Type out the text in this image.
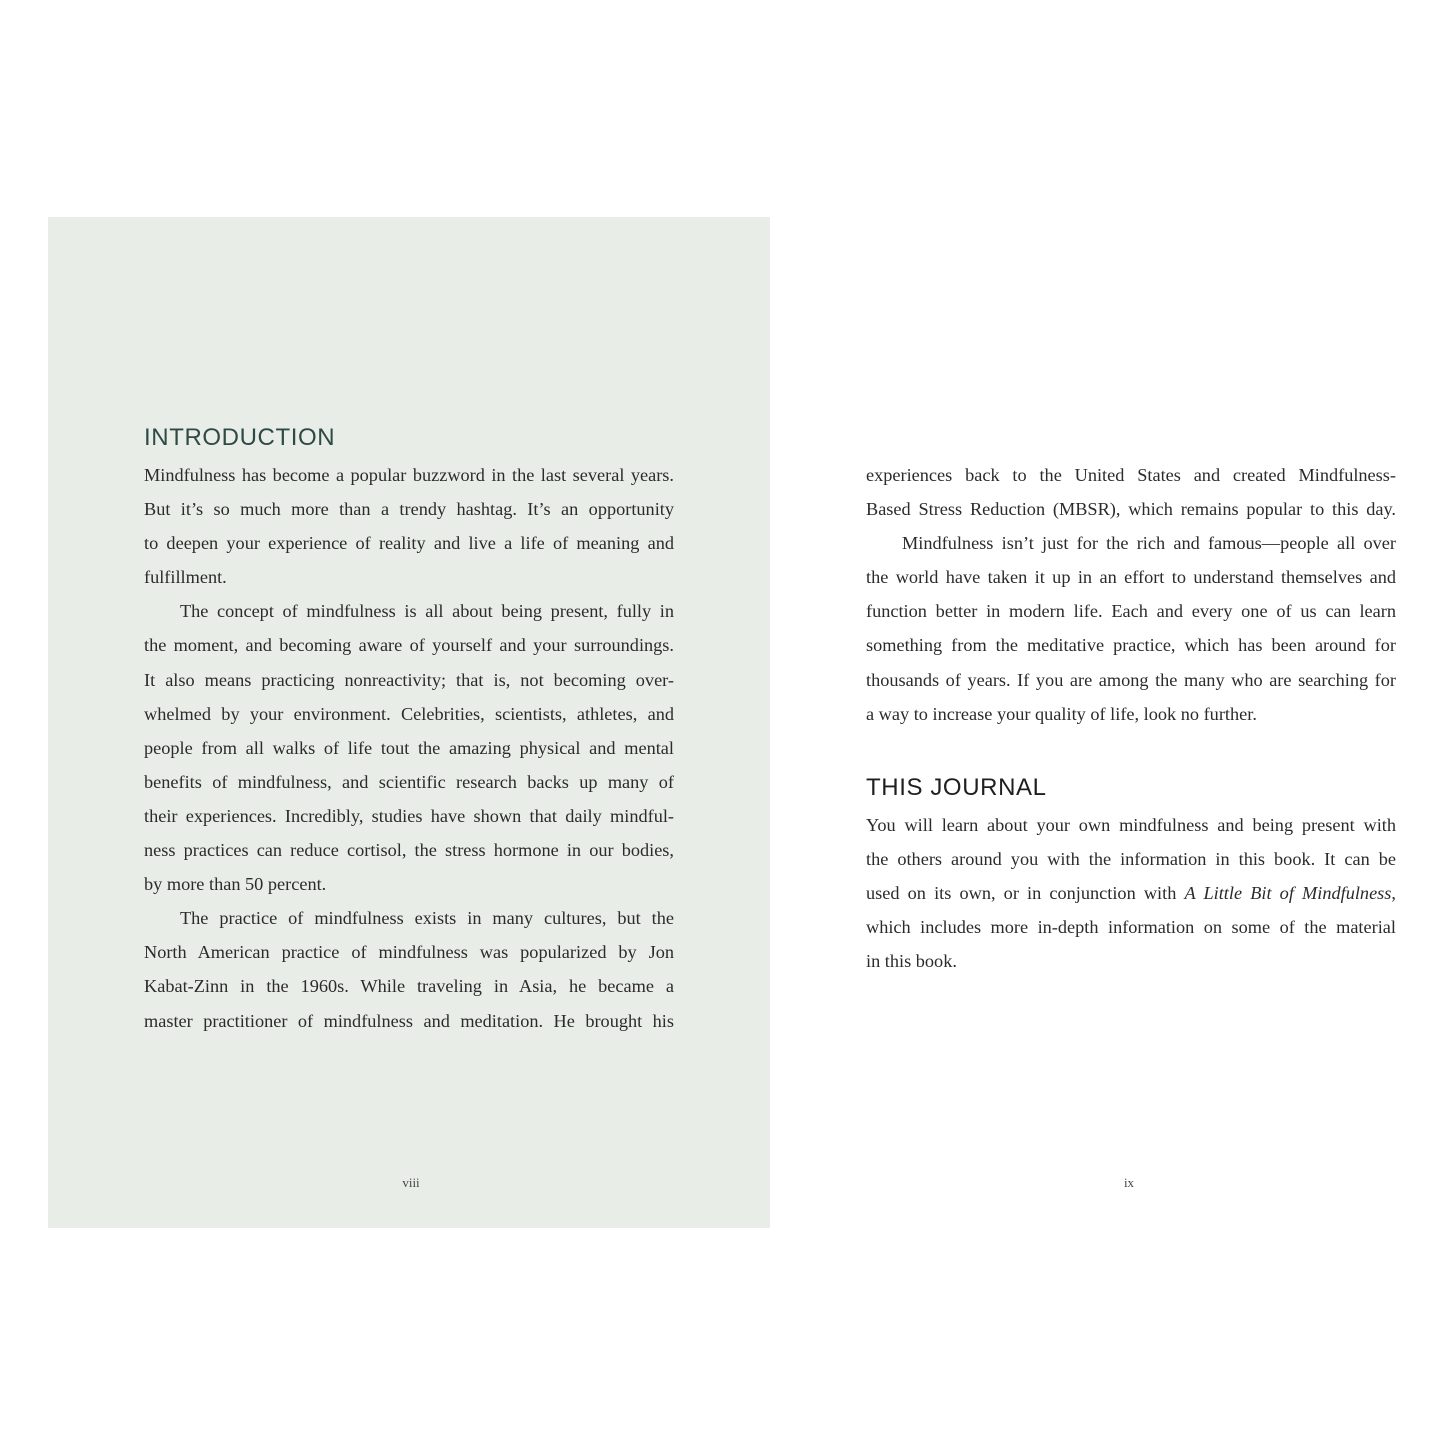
INTRODUCTION
Mindfulness has become a popular buzzword in the last several years.
But it’s so much more than a trendy hashtag. It’s an opportunity
to deepen your experience of reality and live a life of meaning and
fulfillment.
The concept of mindfulness is all about being present, fully in
the moment, and becoming aware of yourself and your surroundings.
It also means practicing nonreactivity; that is, not becoming over-
whelmed by your environment. Celebrities, scientists, athletes, and
people from all walks of life tout the amazing physical and mental
benefits of mindfulness, and scientific research backs up many of
their experiences. Incredibly, studies have shown that daily mindful-
ness practices can reduce cortisol, the stress hormone in our bodies,
by more than 50 percent.
The practice of mindfulness exists in many cultures, but the
North American practice of mindfulness was popularized by Jon
Kabat-Zinn in the 1960s. While traveling in Asia, he became a
master practitioner of mindfulness and meditation. He brought his
viii
experiences back to the United States and created Mindfulness-
Based Stress Reduction (MBSR), which remains popular to this day.
Mindfulness isn’t just for the rich and famous—people all over
the world have taken it up in an effort to understand themselves and
function better in modern life. Each and every one of us can learn
something from the meditative practice, which has been around for
thousands of years. If you are among the many who are searching for
a way to increase your quality of life, look no further.
THIS JOURNAL
You will learn about your own mindfulness and being present with
the others around you with the information in this book. It can be
used on its own, or in conjunction with A Little Bit of Mindfulness,
which includes more in-depth information on some of the material
in this book.
ix
